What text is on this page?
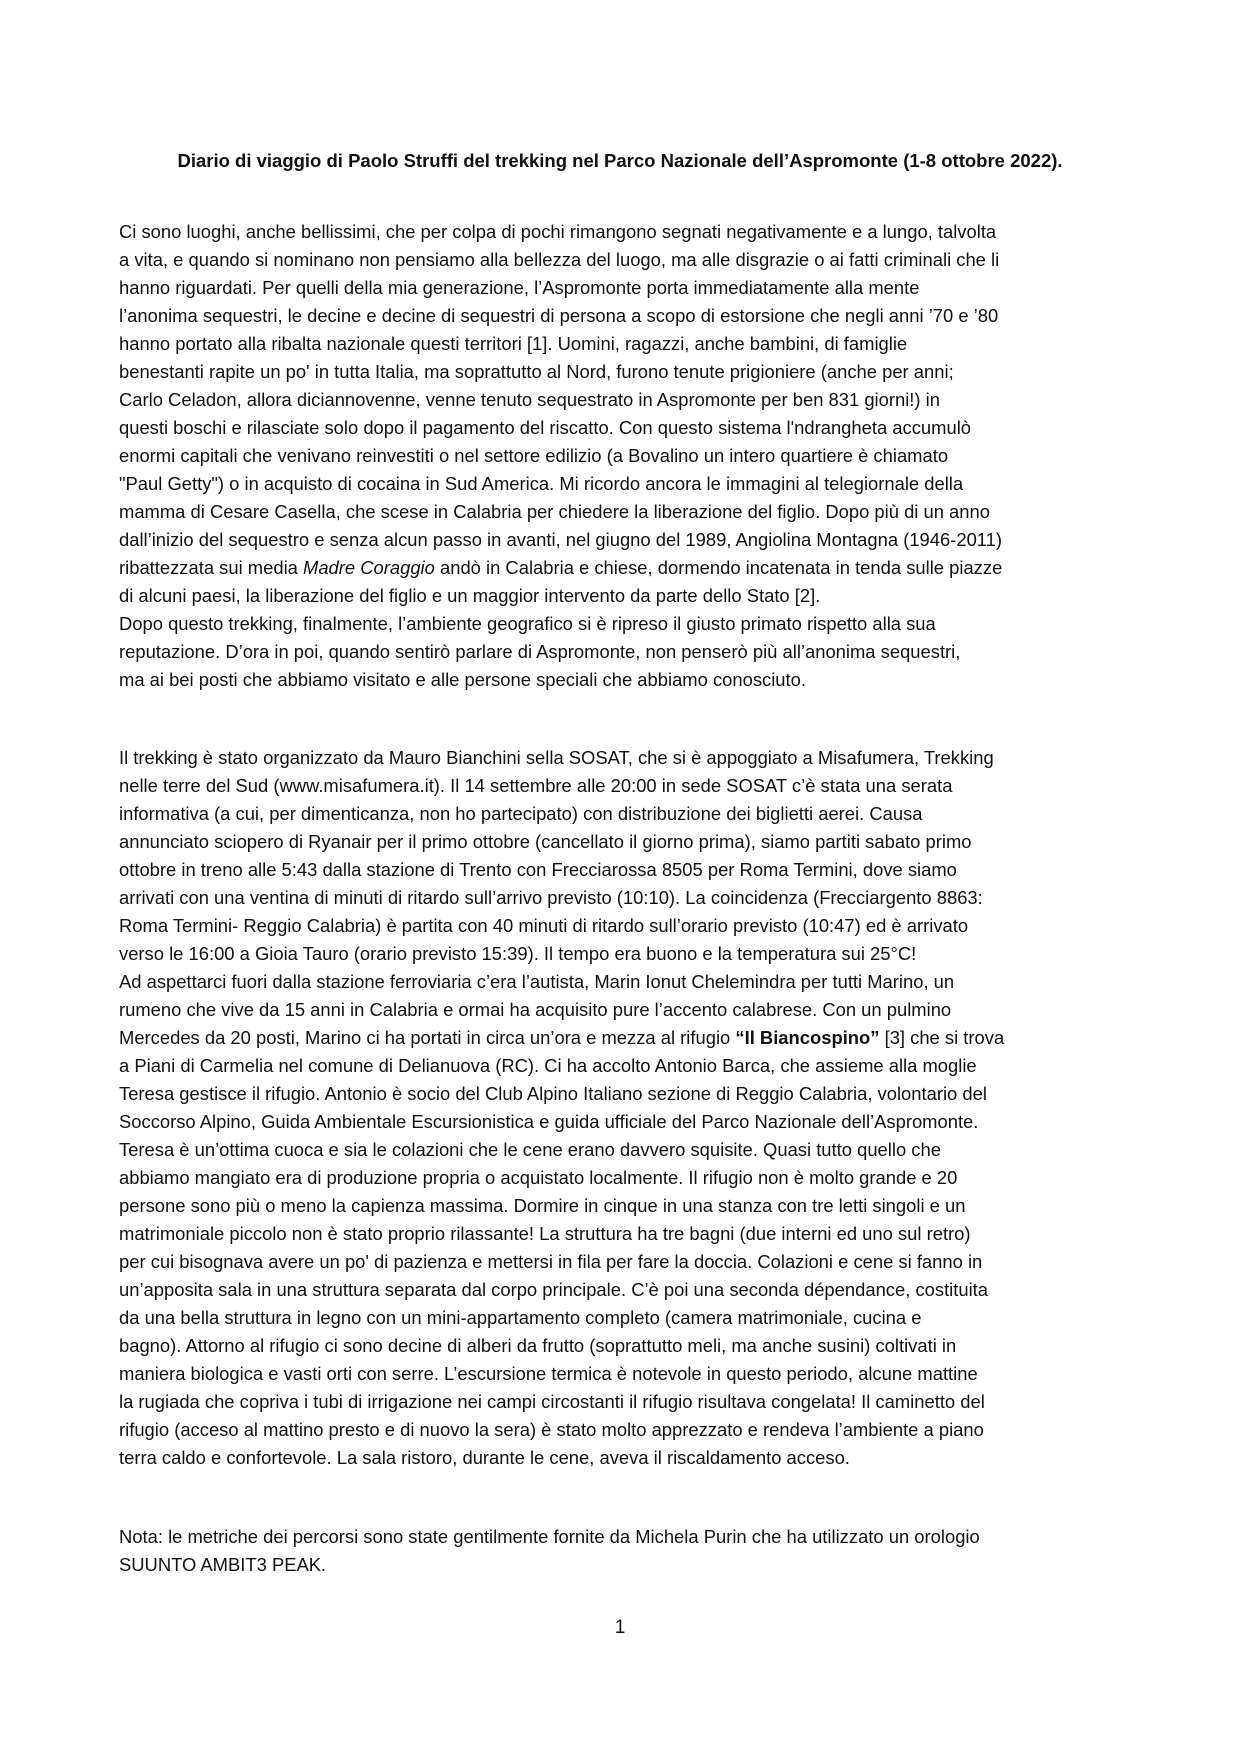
Diario di viaggio di Paolo Struffi del trekking nel Parco Nazionale dell’Aspromonte (1-8 ottobre 2022).
Ci sono luoghi, anche bellissimi, che per colpa di pochi rimangono segnati negativamente e a lungo, talvolta
a vita, e quando si nominano non pensiamo alla bellezza del luogo, ma alle disgrazie o ai fatti criminali che li
hanno riguardati. Per quelli della mia generazione, l’Aspromonte porta immediatamente alla mente
l’anonima sequestri, le decine e decine di sequestri di persona a scopo di estorsione che negli anni ’70 e ’80
hanno portato alla ribalta nazionale questi territori [1]. Uomini, ragazzi, anche bambini, di famiglie
benestanti rapite un po' in tutta Italia, ma soprattutto al Nord, furono tenute prigioniere (anche per anni;
Carlo Celadon, allora diciannovenne, venne tenuto sequestrato in Aspromonte per ben 831 giorni!) in
questi boschi e rilasciate solo dopo il pagamento del riscatto. Con questo sistema l'ndrangheta accumulò
enormi capitali che venivano reinvestiti o nel settore edilizio (a Bovalino un intero quartiere è chiamato
"Paul Getty") o in acquisto di cocaina in Sud America. Mi ricordo ancora le immagini al telegiornale della
mamma di Cesare Casella, che scese in Calabria per chiedere la liberazione del figlio. Dopo più di un anno
dall’inizio del sequestro e senza alcun passo in avanti, nel giugno del 1989, Angiolina Montagna (1946-2011)
ribattezzata sui media Madre Coraggio andò in Calabria e chiese, dormendo incatenata in tenda sulle piazze
di alcuni paesi, la liberazione del figlio e un maggior intervento da parte dello Stato [2].
Dopo questo trekking, finalmente, l’ambiente geografico si è ripreso il giusto primato rispetto alla sua
reputazione. D’ora in poi, quando sentirò parlare di Aspromonte, non penserò più all’anonima sequestri,
ma ai bei posti che abbiamo visitato e alle persone speciali che abbiamo conosciuto.
Il trekking è stato organizzato da Mauro Bianchini sella SOSAT, che si è appoggiato a Misafumera, Trekking
nelle terre del Sud (www.misafumera.it). Il 14 settembre alle 20:00 in sede SOSAT c’è stata una serata
informativa (a cui, per dimenticanza, non ho partecipato) con distribuzione dei biglietti aerei. Causa
annunciato sciopero di Ryanair per il primo ottobre (cancellato il giorno prima), siamo partiti sabato primo
ottobre in treno alle 5:43 dalla stazione di Trento con Frecciarossa 8505 per Roma Termini, dove siamo
arrivati con una ventina di minuti di ritardo sull’arrivo previsto (10:10). La coincidenza (Frecciargento 8863:
Roma Termini- Reggio Calabria) è partita con 40 minuti di ritardo sull’orario previsto (10:47) ed è arrivato
verso le 16:00 a Gioia Tauro (orario previsto 15:39). Il tempo era buono e la temperatura sui 25°C!
Ad aspettarci fuori dalla stazione ferroviaria c’era l’autista, Marin Ionut Chelemindra per tutti Marino, un
rumeno che vive da 15 anni in Calabria e ormai ha acquisito pure l’accento calabrese. Con un pulmino
Mercedes da 20 posti, Marino ci ha portati in circa un’ora e mezza al rifugio “Il Biancospino” [3] che si trova
a Piani di Carmelia nel comune di Delianuova (RC). Ci ha accolto Antonio Barca, che assieme alla moglie
Teresa gestisce il rifugio. Antonio è socio del Club Alpino Italiano sezione di Reggio Calabria, volontario del
Soccorso Alpino, Guida Ambientale Escursionistica e guida ufficiale del Parco Nazionale dell’Aspromonte.
Teresa è un’ottima cuoca e sia le colazioni che le cene erano davvero squisite. Quasi tutto quello che
abbiamo mangiato era di produzione propria o acquistato localmente. Il rifugio non è molto grande e 20
persone sono più o meno la capienza massima. Dormire in cinque in una stanza con tre letti singoli e un
matrimoniale piccolo non è stato proprio rilassante! La struttura ha tre bagni (due interni ed uno sul retro)
per cui bisognava avere un po' di pazienza e mettersi in fila per fare la doccia. Colazioni e cene si fanno in
un’apposita sala in una struttura separata dal corpo principale. C’è poi una seconda dépendance, costituita
da una bella struttura in legno con un mini-appartamento completo (camera matrimoniale, cucina e
bagno). Attorno al rifugio ci sono decine di alberi da frutto (soprattutto meli, ma anche susini) coltivati in
maniera biologica e vasti orti con serre. L’escursione termica è notevole in questo periodo, alcune mattine
la rugiada che copriva i tubi di irrigazione nei campi circostanti il rifugio risultava congelata! Il caminetto del
rifugio (acceso al mattino presto e di nuovo la sera) è stato molto apprezzato e rendeva l’ambiente a piano
terra caldo e confortevole. La sala ristoro, durante le cene, aveva il riscaldamento acceso.
Nota: le metriche dei percorsi sono state gentilmente fornite da Michela Purin che ha utilizzato un orologio
SUUNTO AMBIT3 PEAK.

1
